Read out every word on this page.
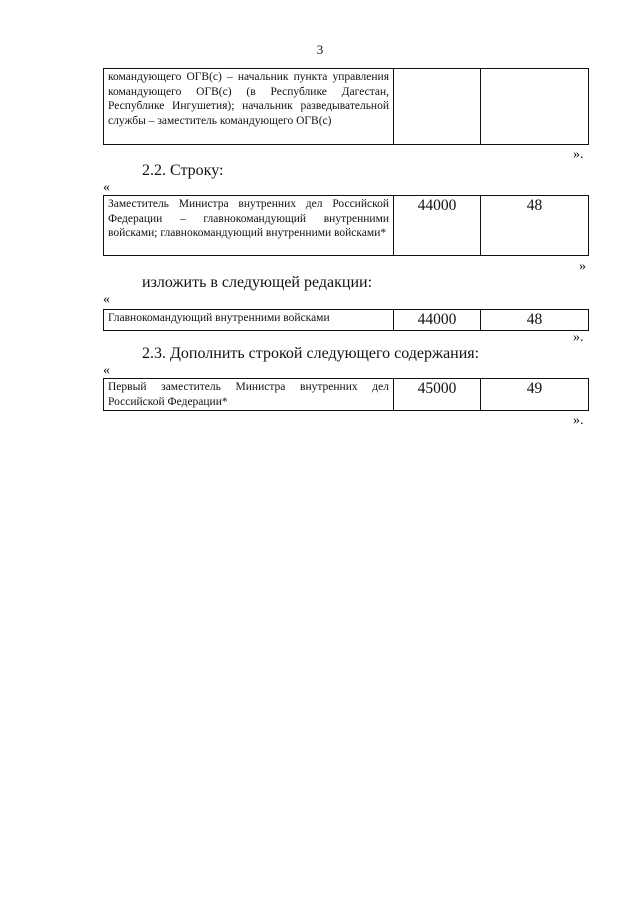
3
командующего ОГВ(с) – начальник пункта управления командующего ОГВ(с) (в Республике Дагестан, Республике Ингушетия); начальник разведывательной службы – заместитель командующего ОГВ(с)		
».
2.2. Строку:
«
Заместитель Министра внутренних дел Российской Федерации – главнокомандующий внутренними войсками; главнокомандующий внутренними войсками*	44000	48
»
изложить в следующей редакции:
«
Главнокомандующий внутренними войсками	44000	48
».
2.3. Дополнить строкой следующего содержания:
«
Первый заместитель Министра внутренних дел Российской Федерации*	45000	49
».
